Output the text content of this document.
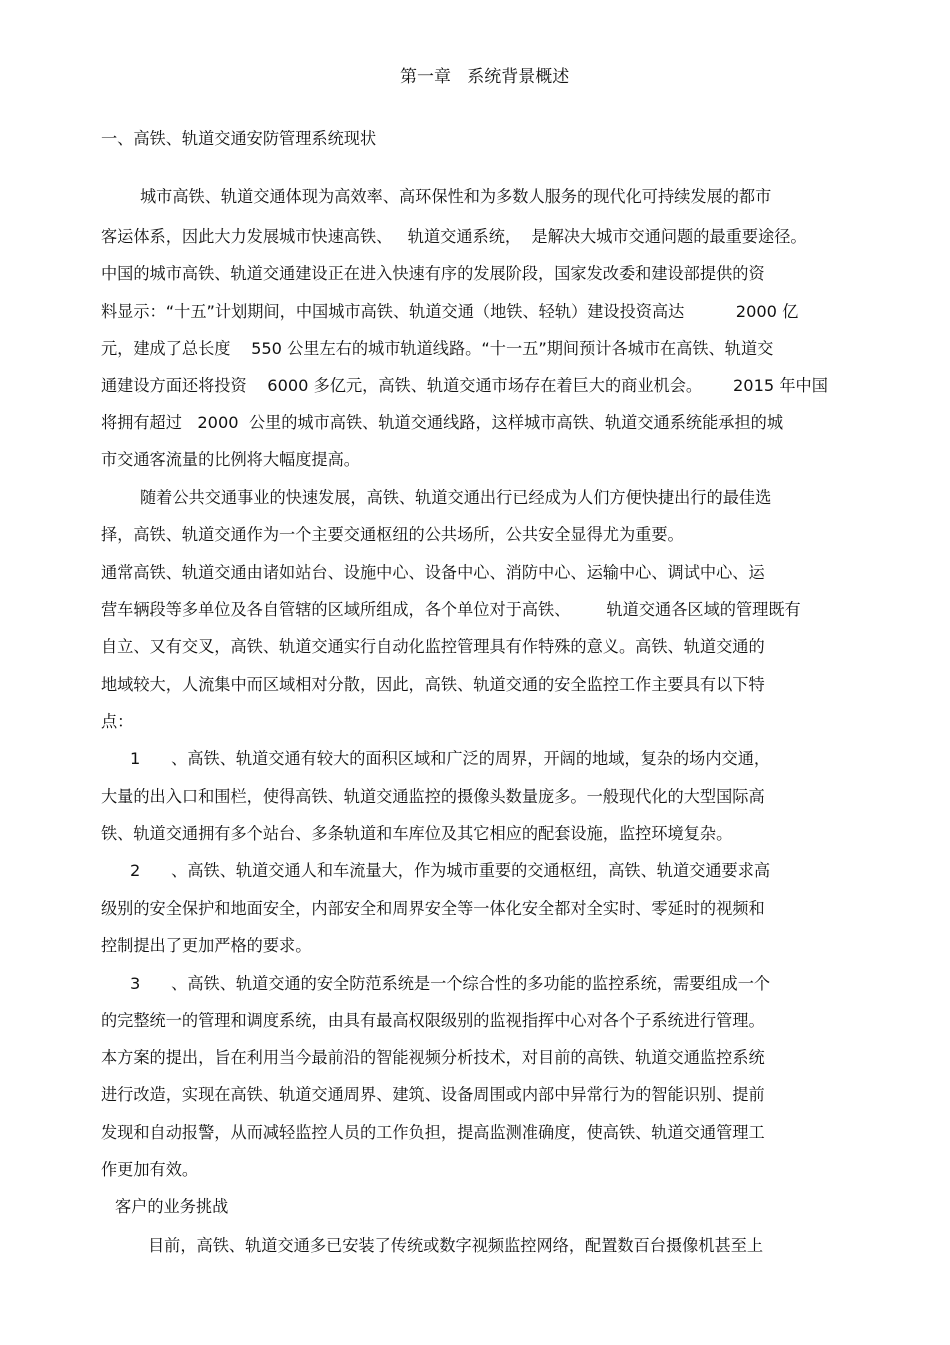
第一章   系统背景概述

一、高铁、轨道交通安防管理系统现状

城市高铁、轨道交通体现为高效率、高环保性和为多数人服务的现代化可持续发展的都市

客运体系，因此大力发展城市快速高铁、   轨道交通系统，  是解决大城市交通问题的最重要途径。

中国的城市高铁、轨道交通建设正在进入快速有序的发展阶段，国家发改委和建设部提供的资

料显示：“十五”计划期间，中国城市高铁、轨道交通（地铁、轻轨）建设投资高达          2000 亿

元，建成了总长度    550 公里左右的城市轨道线路。“十一五”期间预计各城市在高铁、轨道交

通建设方面还将投资    6000 多亿元，高铁、轨道交通市场存在着巨大的商业机会。      2015 年中国

将拥有超过   2000  公里的城市高铁、轨道交通线路，这样城市高铁、轨道交通系统能承担的城

市交通客流量的比例将大幅度提高。

随着公共交通事业的快速发展，高铁、轨道交通出行已经成为人们方便快捷出行的最佳选

择，高铁、轨道交通作为一个主要交通枢纽的公共场所，公共安全显得尤为重要。

通常高铁、轨道交通由诸如站台、设施中心、设备中心、消防中心、运输中心、调试中心、运

营车辆段等多单位及各自管辖的区域所组成，各个单位对于高铁、       轨道交通各区域的管理既有

自立、又有交叉，高铁、轨道交通实行自动化监控管理具有作特殊的意义。高铁、轨道交通的

地域较大，人流集中而区域相对分散，因此，高铁、轨道交通的安全监控工作主要具有以下特

点：

1      、高铁、轨道交通有较大的面积区域和广泛的周界，开阔的地域，复杂的场内交通，

大量的出入口和围栏，使得高铁、轨道交通监控的摄像头数量庞多。一般现代化的大型国际高

铁、轨道交通拥有多个站台、多条轨道和车库位及其它相应的配套设施，监控环境复杂。

2      、高铁、轨道交通人和车流量大，作为城市重要的交通枢纽，高铁、轨道交通要求高

级别的安全保护和地面安全，内部安全和周界安全等一体化安全都对全实时、零延时的视频和

控制提出了更加严格的要求。

3      、高铁、轨道交通的安全防范系统是一个综合性的多功能的监控系统，需要组成一个

的完整统一的管理和调度系统，由具有最高权限级别的监视指挥中心对各个子系统进行管理。

本方案的提出，旨在利用当今最前沿的智能视频分析技术，对目前的高铁、轨道交通监控系统

进行改造，实现在高铁、轨道交通周界、建筑、设备周围或内部中异常行为的智能识别、提前

发现和自动报警，从而减轻监控人员的工作负担，提高监测准确度，使高铁、轨道交通管理工

作更加有效。

客户的业务挑战

目前，高铁、轨道交通多已安装了传统或数字视频监控网络，配置数百台摄像机甚至上
